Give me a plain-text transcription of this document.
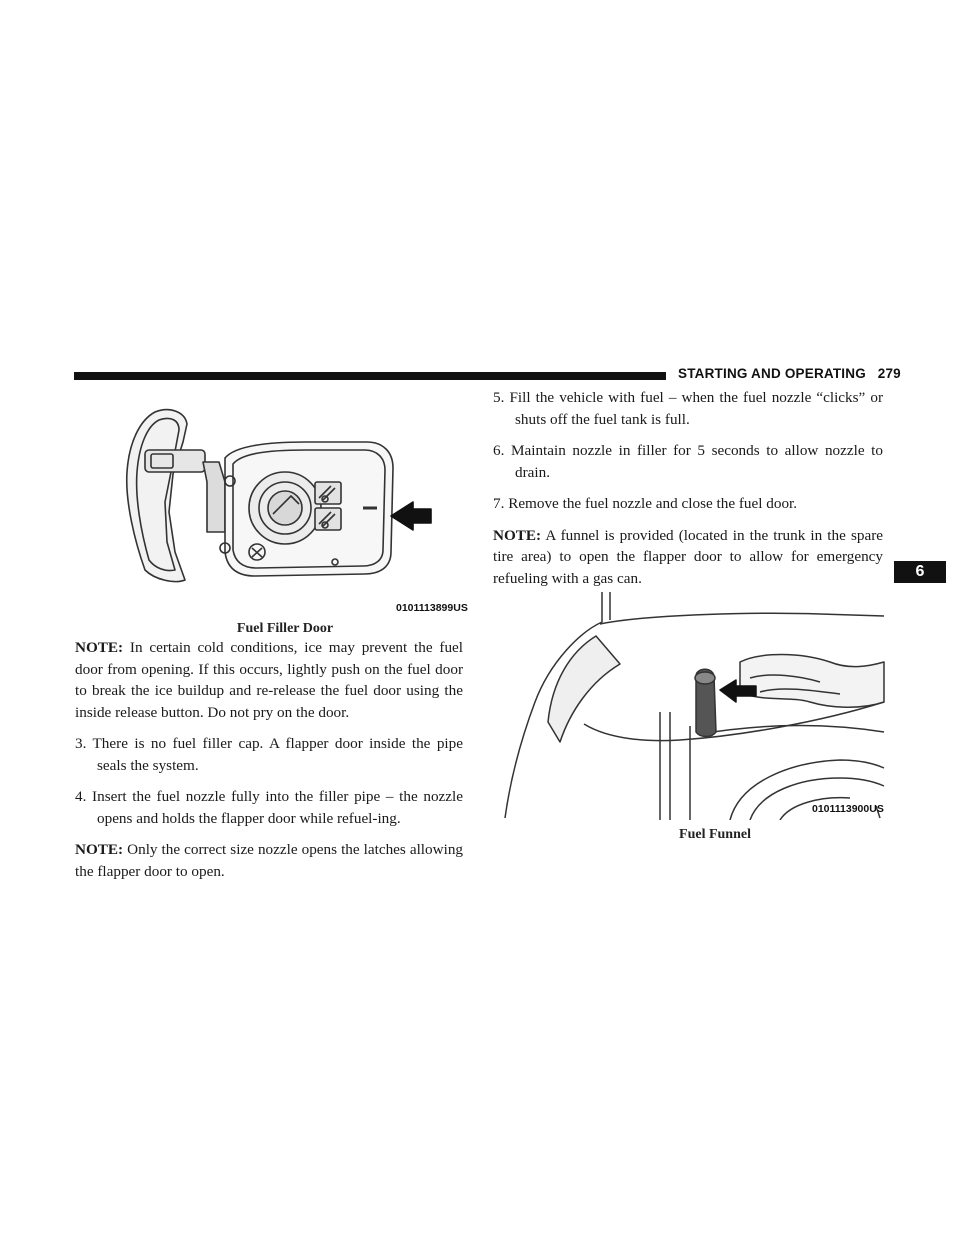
STARTING AND OPERATING 279
6
0101113899US
Fuel Filler Door

NOTE: In certain cold conditions, ice may prevent the fuel door from opening. If this occurs, lightly push on the fuel door to break the ice buildup and re-release the fuel door using the inside release button. Do not pry on the door.

3. There is no fuel filler cap. A flapper door inside the pipe seals the system.

4. Insert the fuel nozzle fully into the filler pipe – the nozzle opens and holds the flapper door while refuel-ing.

NOTE: Only the correct size nozzle opens the latches allowing the flapper door to open.

5. Fill the vehicle with fuel – when the fuel nozzle “clicks” or shuts off the fuel tank is full.

6. Maintain nozzle in filler for 5 seconds to allow nozzle to drain.

7. Remove the fuel nozzle and close the fuel door.

NOTE: A funnel is provided (located in the trunk in the spare tire area) to open the flapper door to allow for emergency refueling with a gas can.

0101113900US
Fuel Funnel
